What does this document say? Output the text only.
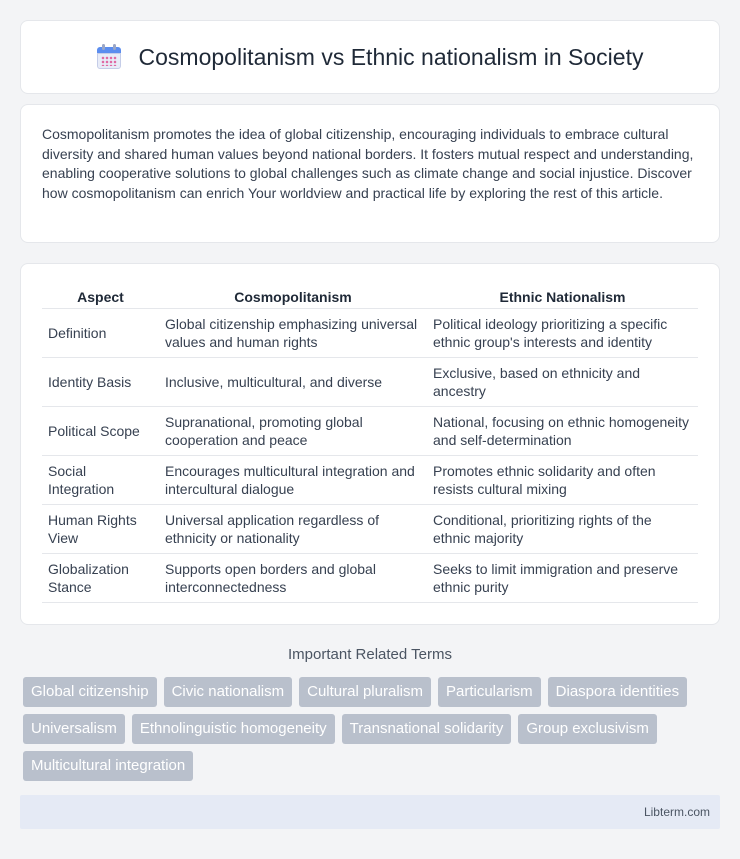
Cosmopolitanism vs Ethnic nationalism in Society

Cosmopolitanism promotes the idea of global citizenship, encouraging individuals to embrace cultural diversity and shared human values beyond national borders. It fosters mutual respect and understanding, enabling cooperative solutions to global challenges such as climate change and social injustice. Discover how cosmopolitanism can enrich Your worldview and practical life by exploring the rest of this article.

Aspect	Cosmopolitanism	Ethnic Nationalism
Definition	Global citizenship emphasizing universal values and human rights	Political ideology prioritizing a specific ethnic group's interests and identity
Identity Basis	Inclusive, multicultural, and diverse	Exclusive, based on ethnicity and ancestry
Political Scope	Supranational, promoting global cooperation and peace	National, focusing on ethnic homogeneity and self-determination
Social Integration	Encourages multicultural integration and intercultural dialogue	Promotes ethnic solidarity and often resists cultural mixing
Human Rights View	Universal application regardless of ethnicity or nationality	Conditional, prioritizing rights of the ethnic majority
Globalization Stance	Supports open borders and global interconnectedness	Seeks to limit immigration and preserve ethnic purity
Important Related Terms
Global citizenship	Civic nationalism	Cultural pluralism	Particularism	Diaspora identities
Universalism	Ethnolinguistic homogeneity	Transnational solidarity	Group exclusivism
Multicultural integration
Libterm.com
